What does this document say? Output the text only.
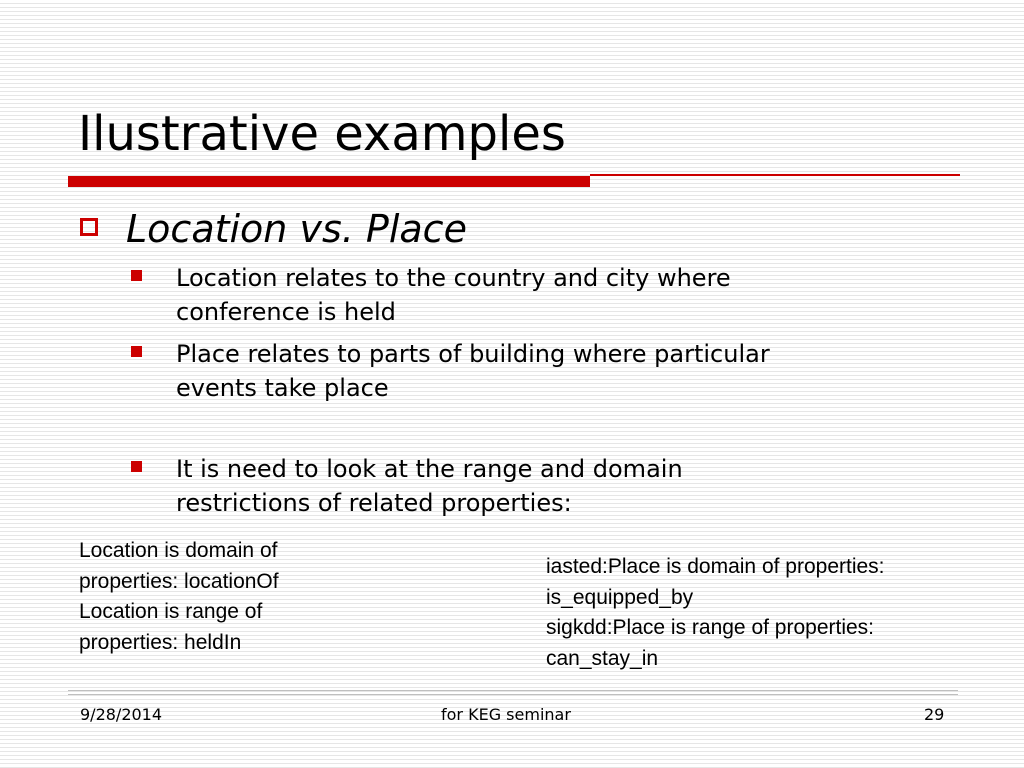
Ilustrative examples
Location vs. Place
Location relates to the country and city where
conference is held
Place relates to parts of building where particular
events take place
It is need to look at the range and domain
restrictions of related properties:
Location is domain of
properties: locationOf
Location is range of
properties: heldIn
iasted:Place is domain of properties:
is_equipped_by
sigkdd:Place is range of properties:
can_stay_in
9/28/2014	for KEG seminar	29
